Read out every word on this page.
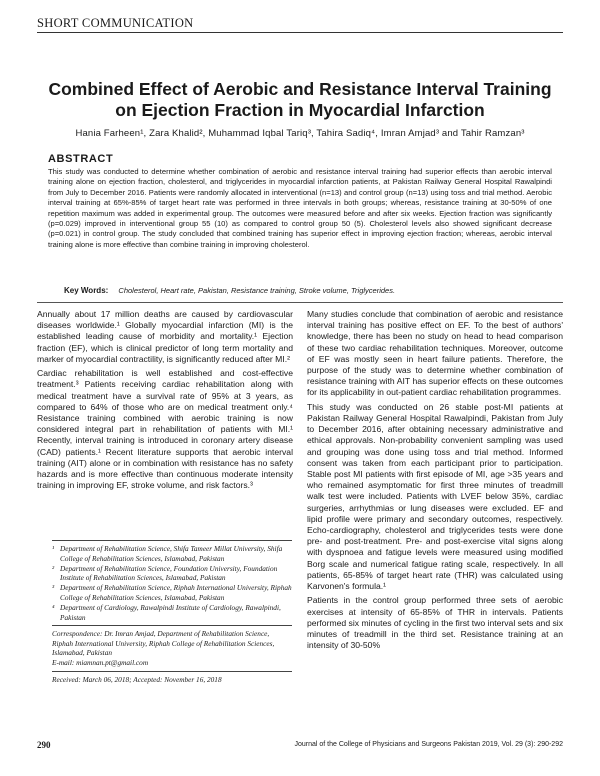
SHORT COMMUNICATION
Combined Effect of Aerobic and Resistance Interval Training
on Ejection Fraction in Myocardial Infarction
Hania Farheen¹, Zara Khalid², Muhammad Iqbal Tariq³, Tahira Sadiq⁴, Imran Amjad³ and Tahir Ramzan³
ABSTRACT
This study was conducted to determine whether combination of aerobic and resistance interval training had superior effects than aerobic interval training alone on ejection fraction, cholesterol, and triglycerides in myocardial infarction patients, at Pakistan Railway General Hospital Rawalpindi from July to December 2016. Patients were randomly allocated in interventional (n=13) and control group (n=13) using toss and trial method. Aerobic interval training at 65%-85% of target heart rate was performed in three intervals in both groups; whereas, resistance training at 30-50% of one repetition maximum was added in experimental group. The outcomes were measured before and after six weeks. Ejection fraction was significantly (p=0.029) improved in interventional group 55 (10) as compared to control group 50 (5). Cholesterol levels also showed significant decrease (p=0.021) in control group. The study concluded that combined training has superior effect in improving ejection fraction; whereas, aerobic interval training alone is more effective than combine training in improving cholesterol.
Key Words: Cholesterol, Heart rate, Pakistan, Resistance training, Stroke volume, Triglycerides.

Annually about 17 million deaths are caused by cardiovascular diseases worldwide.¹ Globally myocardial infarction (MI) is the established leading cause of morbidity and mortality.¹ Ejection fraction (EF), which is clinical predictor of long term mortality and marker of myocardial contractility, is significantly reduced after MI.²

Cardiac rehabilitation is well established and cost-effective treatment.³ Patients receiving cardiac rehabilitation along with medical treatment have a survival rate of 95% at 3 years, as compared to 64% of those who are on medical treatment only.⁴ Resistance training combined with aerobic training is now considered integral part in rehabilitation of patients with MI.¹ Recently, interval training is introduced in coronary artery disease (CAD) patients.¹ Recent literature supports that aerobic interval training (AIT) alone or in combination with resistance has no safety hazards and is more effective than continuous moderate intensity training in improving EF, stroke volume, and risk factors.³

¹ Department of Rehabilitation Science, Shifa Tameer Millat University, Shifa College of Rehabilitation Sciences, Islamabad, Pakistan
² Department of Rehabilitation Science, Foundation University, Foundation Institute of Rehabilitation Sciences, Islamabad, Pakistan
³ Department of Rehabilitation Science, Riphah International University, Riphah College of Rehabilitation Sciences, Islamabad, Pakistan
⁴ Department of Cardiology, Rawalpindi Institute of Cardiology, Rawalpindi, Pakistan
Correspondence: Dr. Imran Amjad, Department of Rehabilitation Science, Riphah International University, Riphah College of Rehabilitation Sciences, Islamabad, Pakistan
E-mail: miamnan.pt@gmail.com
Received: March 06, 2018; Accepted: November 16, 2018

Many studies conclude that combination of aerobic and resistance interval training has positive effect on EF. To the best of authors' knowledge, there has been no study on head to head comparison of these two cardiac rehabilitation techniques. Moreover, outcome of EF was mostly seen in heart failure patients. Therefore, the purpose of the study was to determine whether combination of resistance training with AIT has superior effects on these outcomes for its applicability in out-patient cardiac rehabilitation programmes.

This study was conducted on 26 stable post-MI patients at Pakistan Railway General Hospital Rawalpindi, Pakistan from July to December 2016, after obtaining necessary administrative and ethical approvals. Non-probability convenient sampling was used and grouping was done using toss and trial method. Informed consent was taken from each participant prior to participation. Stable post MI patients with first episode of MI, age >35 years and who remained asymptomatic for first three minutes of treadmill walk test were included. Patients with LVEF below 35%, cardiac surgeries, arrhythmias or lung diseases were excluded. EF and lipid profile were primary and secondary outcomes, respectively. Echo-cardiography, cholesterol and triglycerides tests were done pre- and post-treatment. Pre- and post-exercise vital signs along with dyspnoea and fatigue levels were measured using modified Borg scale and numerical fatigue rating scale, respectively. In all patients, 65-85% of target heart rate (THR) was calculated using Karvonen's formula.¹

Patients in the control group performed three sets of aerobic exercises at intensity of 65-85% of THR in intervals. Patients performed six minutes of cycling in the first two interval sets and six minutes of treadmill in the third set. Resistance training at an intensity of 30-50%

290	Journal of the College of Physicians and Surgeons Pakistan 2019, Vol. 29 (3): 290-292
